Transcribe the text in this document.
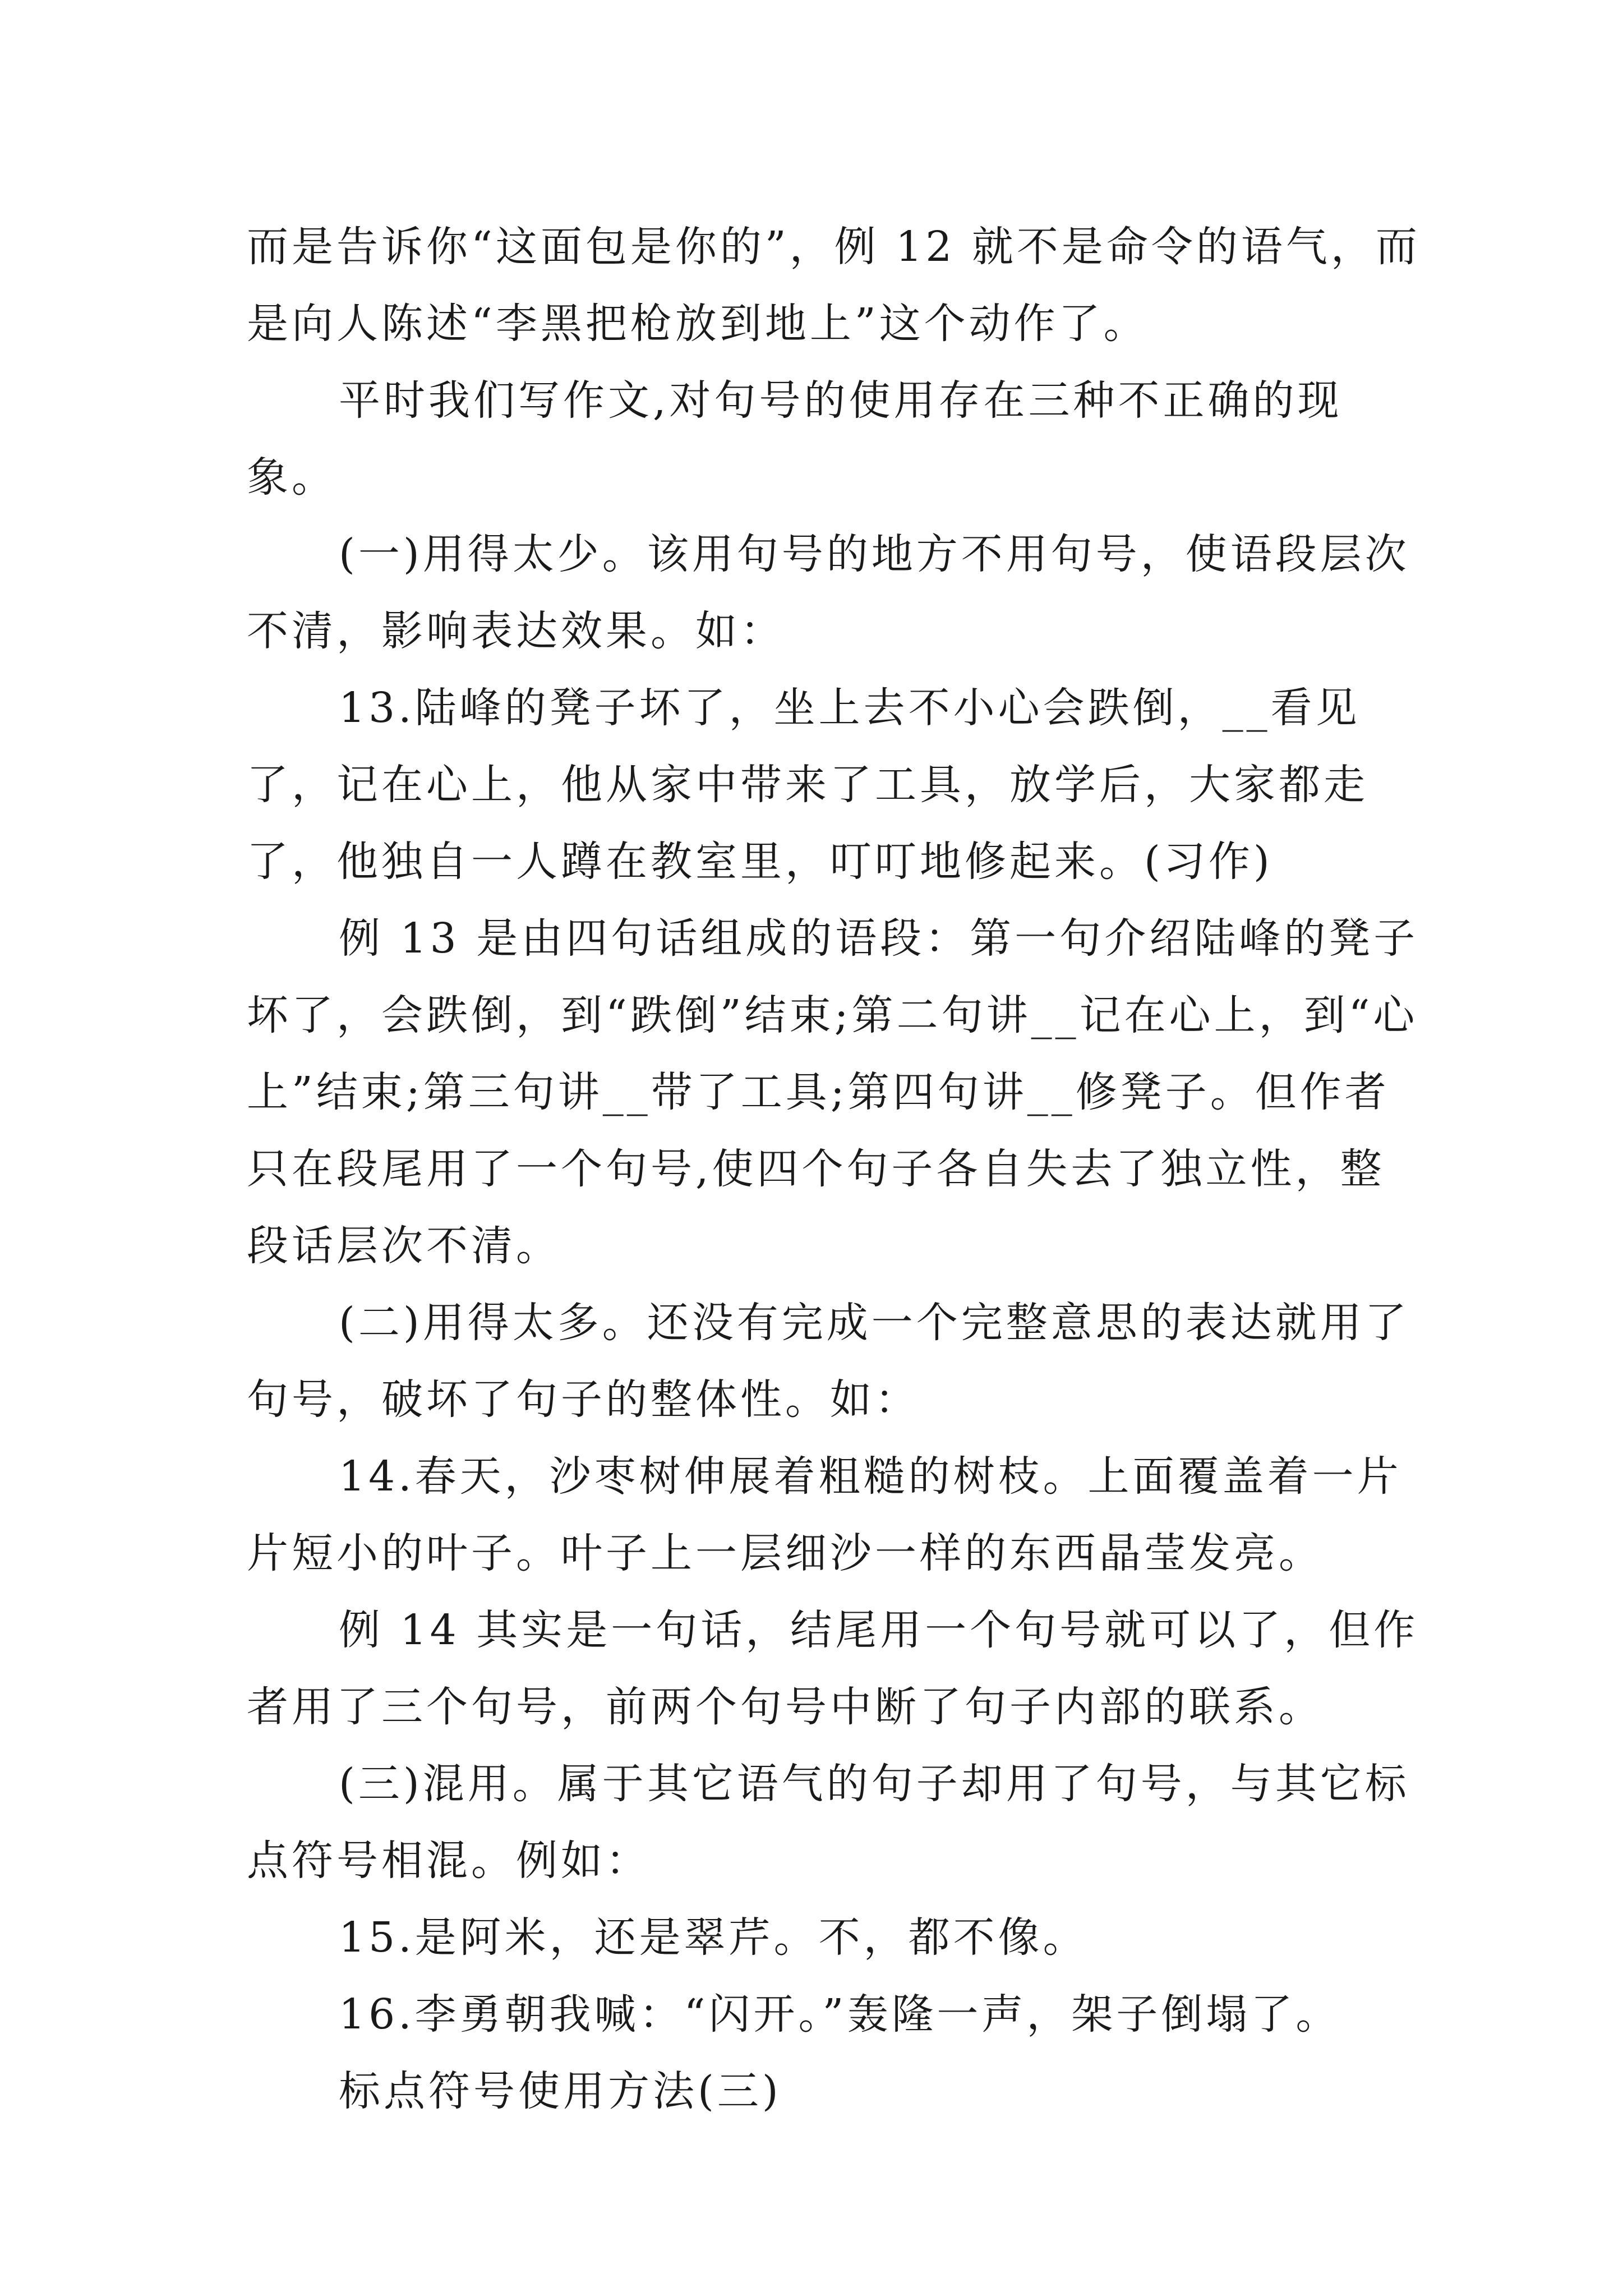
而是告诉你“这面包是你的”，例 12 就不是命令的语气，而是向人陈述“李黑把枪放到地上”这个动作了。

平时我们写作文,对句号的使用存在三种不正确的现象。

(一)用得太少。该用句号的地方不用句号，使语段层次不清，影响表达效果。如：

13.陆峰的凳子坏了，坐上去不小心会跌倒，__看见了，记在心上，他从家中带来了工具，放学后，大家都走了，他独自一人蹲在教室里，叮叮地修起来。(习作)

例 13 是由四句话组成的语段：第一句介绍陆峰的凳子坏了，会跌倒，到“跌倒”结束;第二句讲__记在心上，到“心上”结束;第三句讲__带了工具;第四句讲__修凳子。但作者只在段尾用了一个句号,使四个句子各自失去了独立性，整段话层次不清。

(二)用得太多。还没有完成一个完整意思的表达就用了句号，破坏了句子的整体性。如：

14.春天，沙枣树伸展着粗糙的树枝。上面覆盖着一片片短小的叶子。叶子上一层细沙一样的东西晶莹发亮。

例 14 其实是一句话，结尾用一个句号就可以了，但作者用了三个句号，前两个句号中断了句子内部的联系。

(三)混用。属于其它语气的句子却用了句号，与其它标点符号相混。例如：

15.是阿米，还是翠芹。不，都不像。

16.李勇朝我喊：“闪开。”轰隆一声，架子倒塌了。

标点符号使用方法(三)
